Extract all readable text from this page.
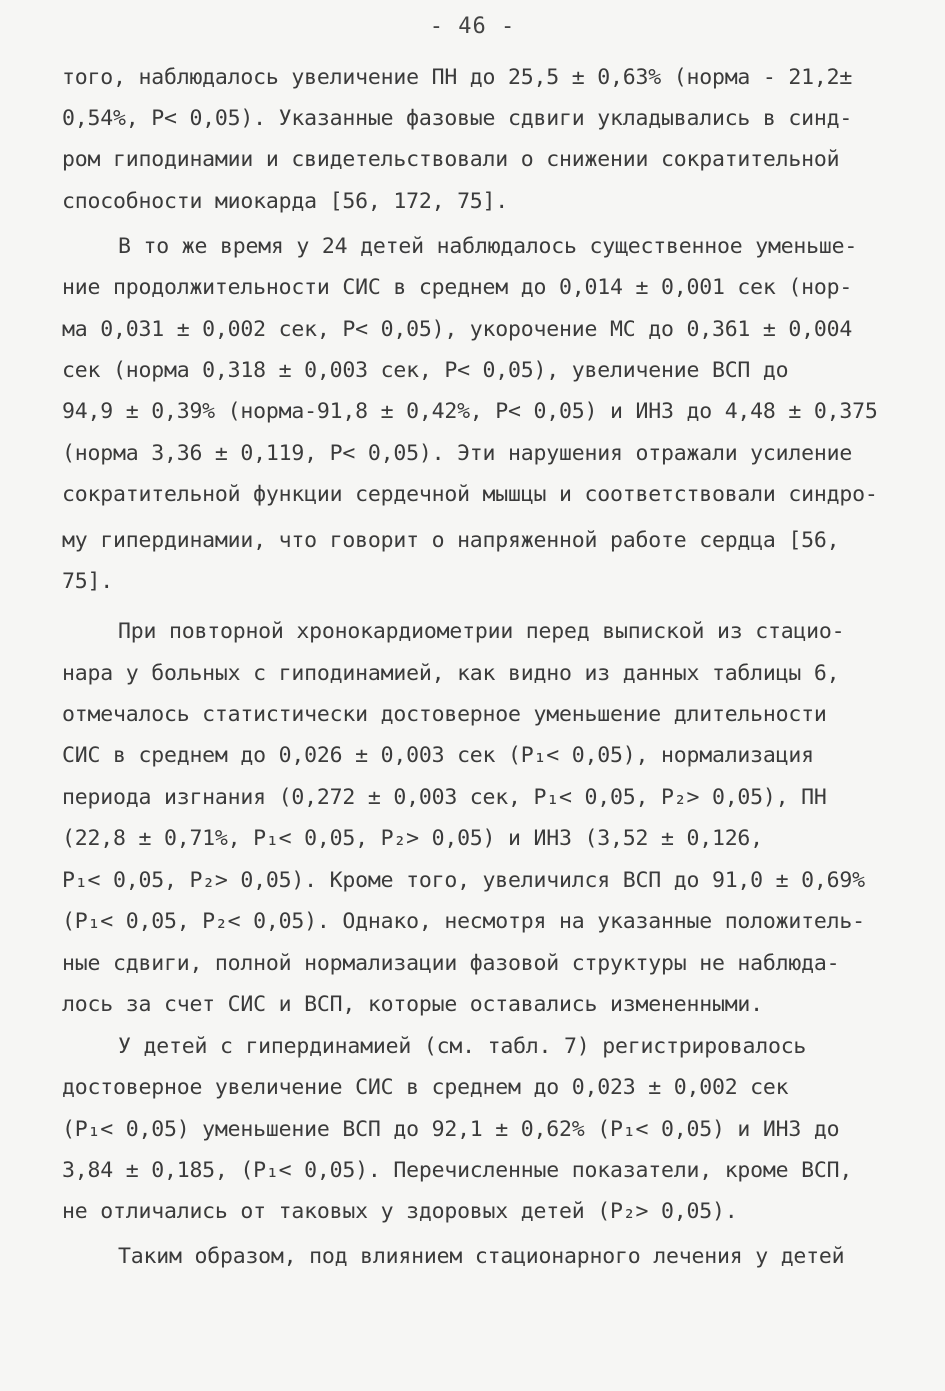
- 46 -
того, наблюдалось увеличение ПН до 25,5 ± 0,63% (норма - 21,2±
0,54%, Р< 0,05). Указанные фазовые сдвиги укладывались в синд-
ром гиподинамии и свидетельствовали о снижении сократительной
способности миокарда [56, 172, 75].
В то же время у 24 детей наблюдалось существенное уменьше-
ние продолжительности СИС в среднем до 0,014 ± 0,001 сек (нор-
ма 0,031 ± 0,002 сек, Р< 0,05), укорочение МС до 0,361 ± 0,004
сек (норма 0,318 ± 0,003 сек, Р< 0,05), увеличение ВСП до
94,9 ± 0,39% (норма-91,8 ± 0,42%, Р< 0,05) и ИНЗ до 4,48 ± 0,375
(норма 3,36 ± 0,119, Р< 0,05). Эти нарушения отражали усиление
сократительной функции сердечной мышцы и соответствовали синдро-
му гипердинамии, что говорит о напряженной работе сердца [56,
75].
При повторной хронокардиометрии перед выпиской из стацио-
нара у больных с гиподинамией, как видно из данных таблицы 6,
отмечалось статистически достоверное уменьшение длительности
СИС в среднем до 0,026 ± 0,003 сек (Р₁< 0,05), нормализация
периода изгнания (0,272 ± 0,003 сек, Р₁< 0,05, Р₂> 0,05), ПН
(22,8 ± 0,71%, Р₁< 0,05, Р₂> 0,05) и ИНЗ (3,52 ± 0,126,
Р₁< 0,05, Р₂> 0,05). Кроме того, увеличился ВСП до 91,0 ± 0,69%
(Р₁< 0,05, Р₂< 0,05). Однако, несмотря на указанные положитель-
ные сдвиги, полной нормализации фазовой структуры не наблюда-
лось за счет СИС и ВСП, которые оставались измененными.
У детей с гипердинамией (см. табл. 7) регистрировалось
достоверное увеличение СИС в среднем до 0,023 ± 0,002 сек
(Р₁< 0,05) уменьшение ВСП до 92,1 ± 0,62% (Р₁< 0,05) и ИНЗ до
3,84 ± 0,185, (Р₁< 0,05). Перечисленные показатели, кроме ВСП,
не отличались от таковых у здоровых детей (Р₂> 0,05).
Таким образом, под влиянием стационарного лечения у детей
